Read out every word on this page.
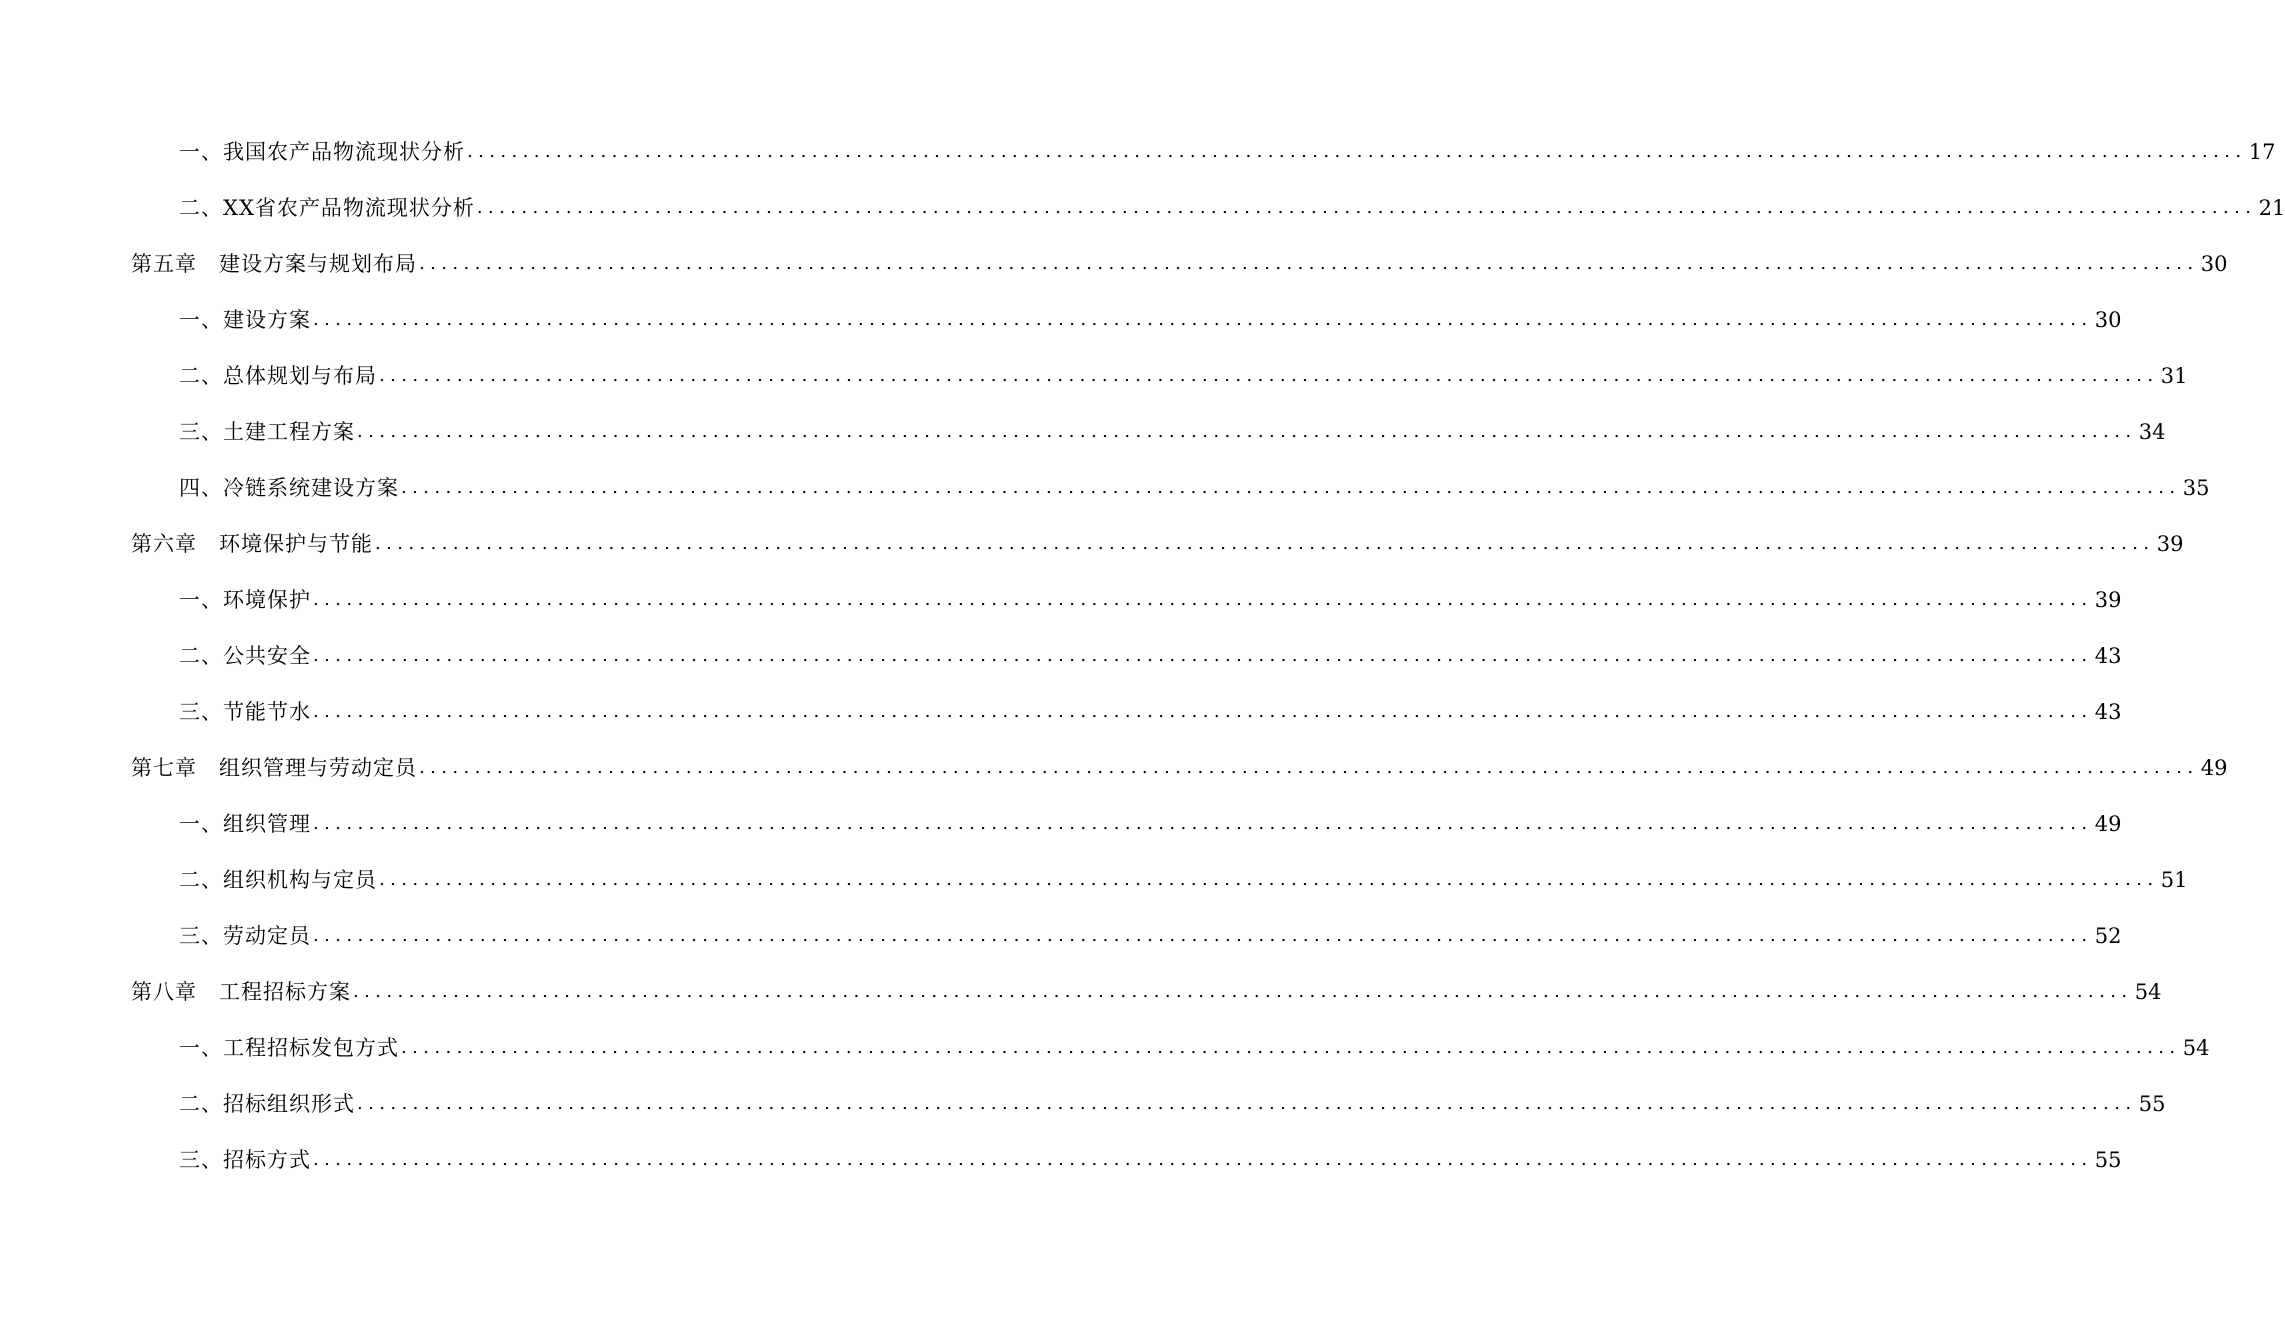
一、我国农产品物流现状分析 ................................................................................................................................................................ 17
二、XX省农产品物流现状分析 ................................................................................................................................................................ 21
第五章　建设方案与规划布局 ................................................................................................................................................................ 30
一、建设方案 ................................................................................................................................................................ 30
二、总体规划与布局 ................................................................................................................................................................ 31
三、土建工程方案 ................................................................................................................................................................ 34
四、冷链系统建设方案 ................................................................................................................................................................ 35
第六章　环境保护与节能 ................................................................................................................................................................ 39
一、环境保护 ................................................................................................................................................................ 39
二、公共安全 ................................................................................................................................................................ 43
三、节能节水 ................................................................................................................................................................ 43
第七章　组织管理与劳动定员 ................................................................................................................................................................ 49
一、组织管理 ................................................................................................................................................................ 49
二、组织机构与定员 ................................................................................................................................................................ 51
三、劳动定员 ................................................................................................................................................................ 52
第八章　工程招标方案 ................................................................................................................................................................ 54
一、工程招标发包方式 ................................................................................................................................................................ 54
二、招标组织形式 ................................................................................................................................................................ 55
三、招标方式 ................................................................................................................................................................ 55
